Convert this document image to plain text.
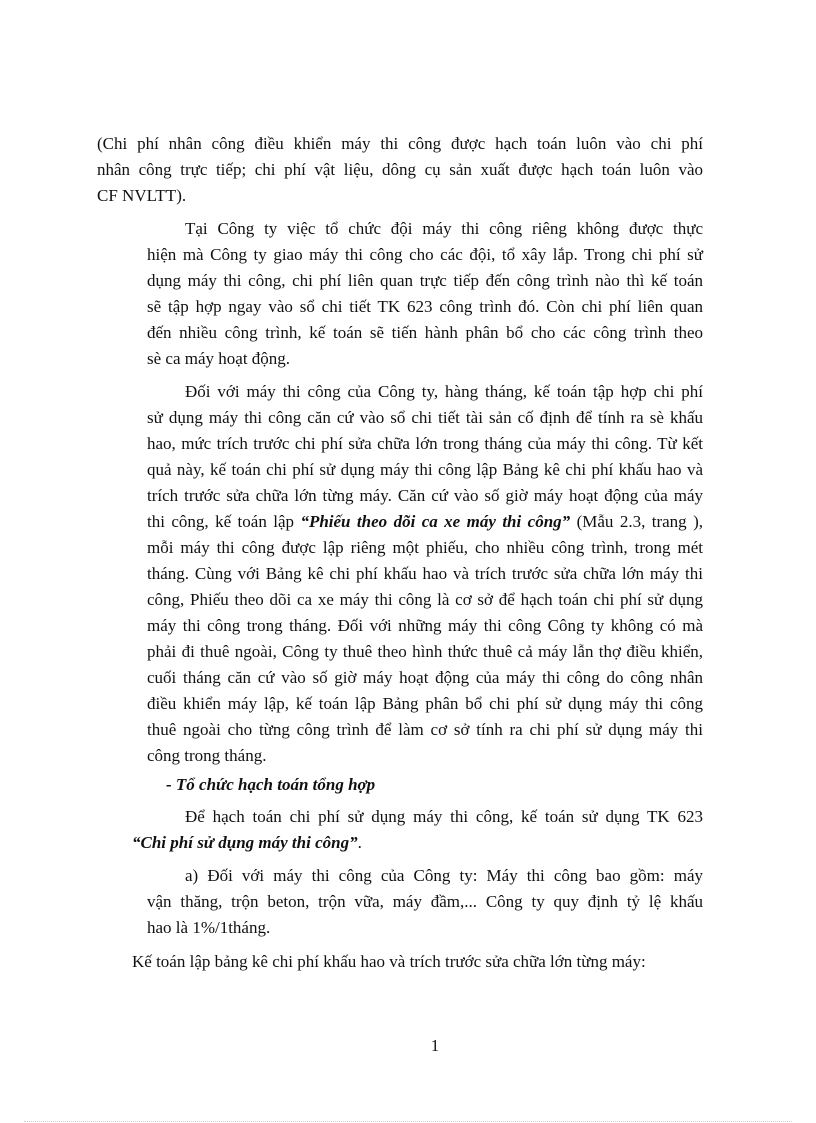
(Chi phí nhân công điều khiển máy thi công được hạch toán luôn vào chi phí
nhân công trực tiếp; chi phí vật liệu, dông cụ sản xuất được hạch toán luôn vào
CF NVLTT).
Tại Công ty việc tổ chức đội máy thi công riêng không được thực
hiện mà Công ty giao máy thi công cho các đội, tổ xây lắp. Trong chi phí sử
dụng máy thi công, chi phí liên quan trực tiếp đến công trình nào thì kế toán
sẽ tập hợp ngay vào sổ chi tiết TK 623 công trình đó. Còn chi phí liên quan
đến nhiều công trình, kế toán sẽ tiến hành phân bổ cho các công trình theo
sè ca máy hoạt động.
Đối với máy thi công của Công ty, hàng tháng, kế toán tập hợp chi phí
sử dụng máy thi công căn cứ vào sổ chi tiết tài sản cố định để tính ra sè khấu
hao, mức trích trước chi phí sửa chữa lớn trong tháng của máy thi công. Từ kết
quả này, kế toán chi phí sử dụng máy thi công lập Bảng kê chi phí khấu hao và
trích trước sửa chữa lớn từng máy. Căn cứ vào số giờ máy hoạt động của máy
thi công, kế toán lập “Phiếu theo dõi ca xe máy thi công” (Mẫu 2.3, trang ),
mỗi máy thi công được lập riêng một phiếu, cho nhiều công trình, trong mét
tháng. Cùng với Bảng kê chi phí khấu hao và trích trước sửa chữa lớn máy thi
công, Phiếu theo dõi ca xe máy thi công là cơ sở để hạch toán chi phí sử dụng
máy thi công trong tháng. Đối với những máy thi công Công ty không có mà
phải đi thuê ngoài, Công ty thuê theo hình thức thuê cả máy lẫn thợ điều khiển,
cuối tháng căn cứ vào số giờ máy hoạt động của máy thi công do công nhân
điều khiển máy lập, kế toán lập Bảng phân bổ chi phí sử dụng máy thi công
thuê ngoài cho từng công trình để làm cơ sở tính ra chi phí sử dụng máy thi
công trong tháng.
- Tổ chức hạch toán tổng hợp
Để hạch toán chi phí sử dụng máy thi công, kế toán sử dụng TK 623
“Chi phí sử dụng máy thi công”.
a) Đối với máy thi công của Công ty: Máy thi công bao gồm: máy
vận thăng, trộn beton, trộn vữa, máy đầm,... Công ty quy định tỷ lệ khấu
hao là 1%/1tháng.
Kế toán lập bảng kê chi phí khấu hao và trích trước sửa chữa lớn từng máy:
1
